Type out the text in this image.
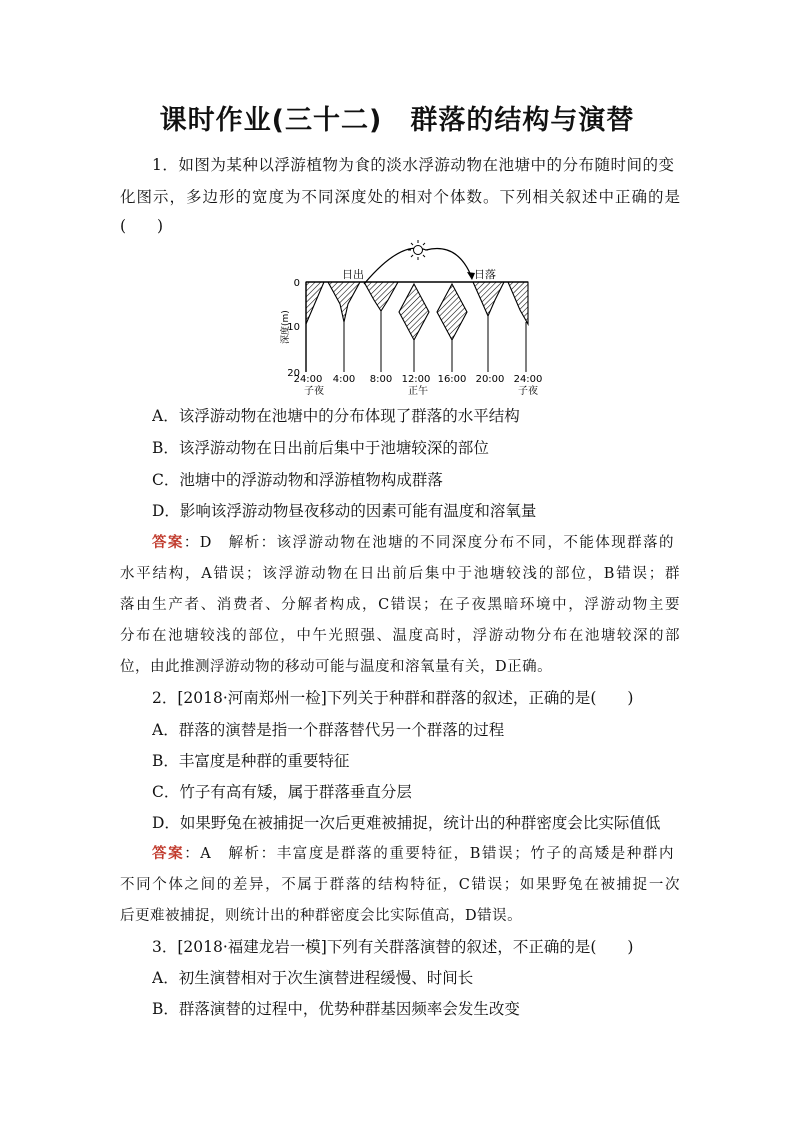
课时作业(三十二)　群落的结构与演替
1．如图为某种以浮游植物为食的淡水浮游动物在池塘中的分布随时间的变
化图示，多边形的宽度为不同深度处的相对个体数。下列相关叙述中正确的是
(　　)
日出	日落
0
10
20
深度(m)
24:00 4:00 8:00 12:00 16:00 20:00 24:00
子夜	正午	子夜
A．该浮游动物在池塘中的分布体现了群落的水平结构
B．该浮游动物在日出前后集中于池塘较深的部位
C．池塘中的浮游动物和浮游植物构成群落
D．影响该浮游动物昼夜移动的因素可能有温度和溶氧量
答案：D　解析：该浮游动物在池塘的不同深度分布不同，不能体现群落的
水平结构，A错误；该浮游动物在日出前后集中于池塘较浅的部位，B错误；群
落由生产者、消费者、分解者构成，C错误；在子夜黑暗环境中，浮游动物主要
分布在池塘较浅的部位，中午光照强、温度高时，浮游动物分布在池塘较深的部
位，由此推测浮游动物的移动可能与温度和溶氧量有关，D正确。
2．[2018·河南郑州一检]下列关于种群和群落的叙述，正确的是(　　)
A．群落的演替是指一个群落替代另一个群落的过程
B．丰富度是种群的重要特征
C．竹子有高有矮，属于群落垂直分层
D．如果野兔在被捕捉一次后更难被捕捉，统计出的种群密度会比实际值低
答案：A　解析：丰富度是群落的重要特征，B错误；竹子的高矮是种群内
不同个体之间的差异，不属于群落的结构特征，C错误；如果野兔在被捕捉一次
后更难被捕捉，则统计出的种群密度会比实际值高，D错误。
3．[2018·福建龙岩一模]下列有关群落演替的叙述，不正确的是(　　)
A．初生演替相对于次生演替进程缓慢、时间长
B．群落演替的过程中，优势种群基因频率会发生改变
